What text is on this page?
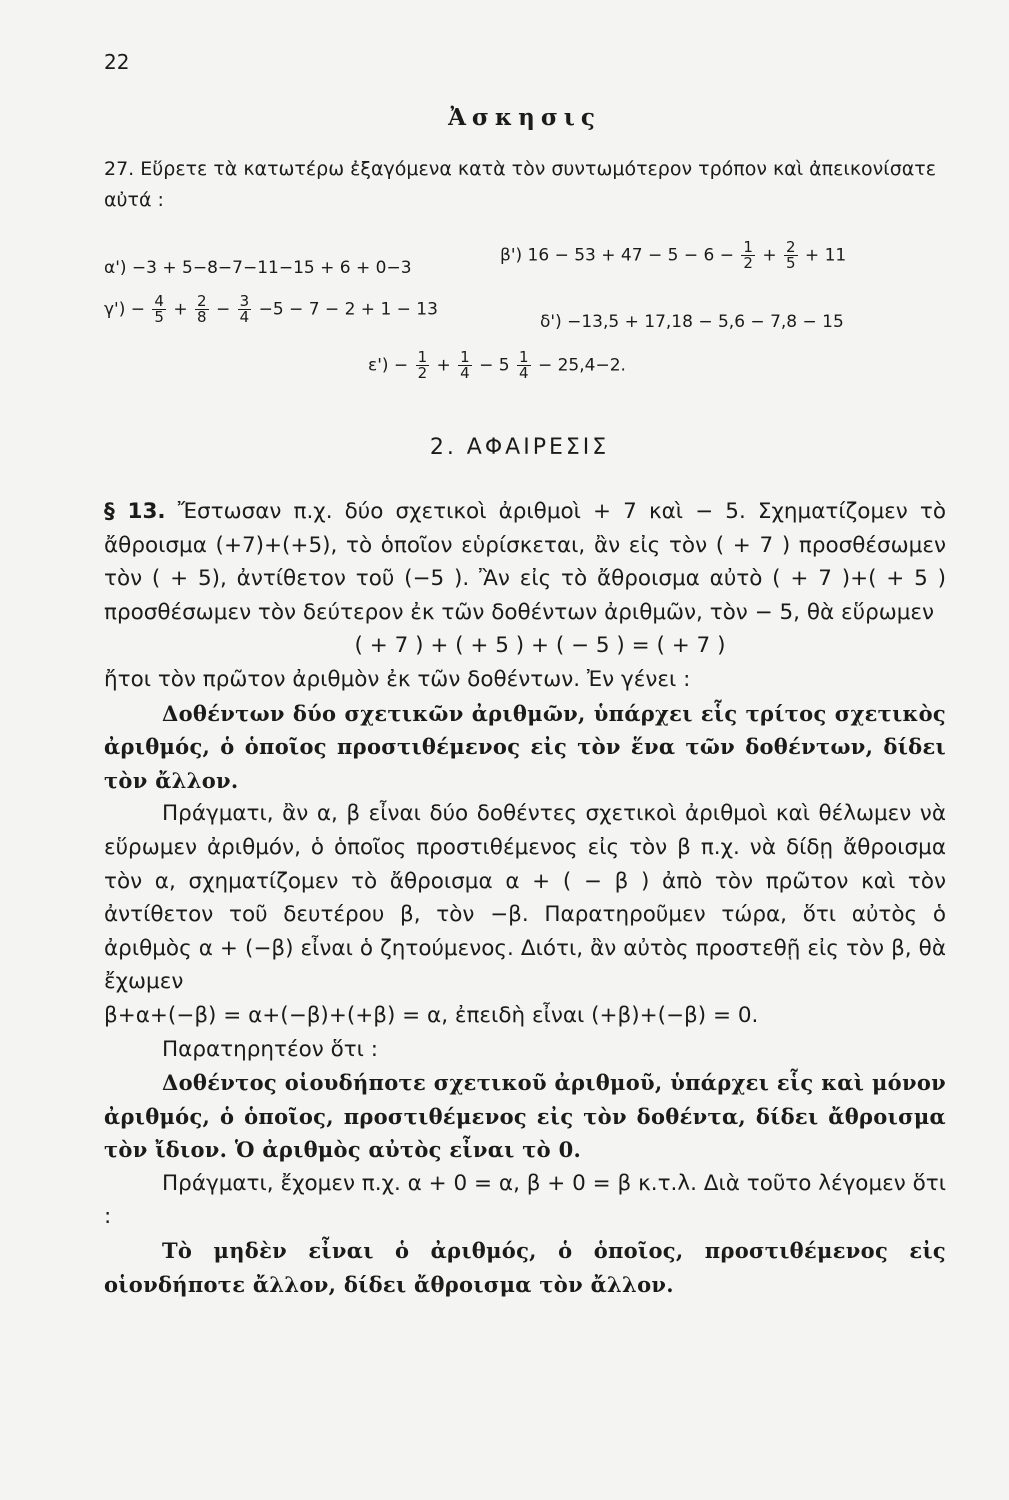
22
Ἀσκησις
27. Εὕρετε τὰ κατωτέρω ἐξαγόμενα κατὰ τὸν συντωμότερον τρόπον καὶ ἀπεικονίσατε αὐτά :
α') −3 + 5−8−7−11−15 + 6 + 0−3
β') $16 - 53 + 47 - 5 - 6 - \frac{1}{2} + \frac{2}{5} + 11$
$\gamma') - \frac{4}{5} + \frac{2}{8} - \frac{3}{4} -5 - 7 - 2 + 1 - 13$
δ') −13,5 + 17,18 − 5,6 − 7,8 − 15
$\varepsilon') - \frac{1}{2} + \frac{1}{4} - 5 \frac{1}{4} - 25,4-2$.
2. ΑΦΑΙΡΕΣΙΣ

§ 13. Ἔστωσαν π.χ. δύο σχετικοὶ ἀριθμοὶ + 7 καὶ − 5. Σχηματίζομεν τὸ ἄθροισμα (+7)+(+5), τὸ ὁποῖον εὑρίσκεται, ἂν εἰς τὸν ( + 7 ) προσθέσωμεν τὸν ( + 5), ἀντίθετον τοῦ (−5 ). Ἂν εἰς τὸ ἄθροισμα αὐτὸ ( + 7 )+( + 5 ) προσθέσωμεν τὸν δεύτερον ἐκ τῶν δοθέντων ἀριθμῶν, τὸν − 5, θὰ εὕρωμεν

( + 7 ) + ( + 5 ) + ( − 5 ) = ( + 7 )

ἤτοι τὸν πρῶτον ἀριθμὸν ἐκ τῶν δοθέντων. Ἐν γένει :

Δοθέντων δύο σχετικῶν ἀριθμῶν, ὑπάρχει εἷς τρίτος σχετικὸς ἀριθμός, ὁ ὁποῖος προστιθέμενος εἰς τὸν ἕνα τῶν δοθέντων, δίδει τὸν ἄλλον.

Πράγματι, ἂν α, β εἶναι δύο δοθέντες σχετικοὶ ἀριθμοὶ καὶ θέλωμεν νὰ εὕρωμεν ἀριθμόν, ὁ ὁποῖος προστιθέμενος εἰς τὸν β π.χ. νὰ δίδῃ ἄθροισμα τὸν α, σχηματίζομεν τὸ ἄθροισμα α + ( − β ) ἀπὸ τὸν πρῶτον καὶ τὸν ἀντίθετον τοῦ δευτέρου β, τὸν −β. Παρατηροῦμεν τώρα, ὅτι αὐτὸς ὁ ἀριθμὸς α + (−β) εἶναι ὁ ζητούμενος. Διότι, ἂν αὐτὸς προστεθῇ εἰς τὸν β, θὰ ἔχωμεν

β+α+(−β) = α+(−β)+(+β) = α, ἐπειδὴ εἶναι (+β)+(−β) = 0.

Παρατηρητέον ὅτι :

Δοθέντος οἱουδήποτε σχετικοῦ ἀριθμοῦ, ὑπάρχει εἷς καὶ μόνον ἀριθμός, ὁ ὁποῖος, προστιθέμενος εἰς τὸν δοθέντα, δίδει ἄθροισμα τὸν ἴδιον. Ὁ ἀριθμὸς αὐτὸς εἶναι τὸ 0.

Πράγματι, ἔχομεν π.χ. α + 0 = α, β + 0 = β κ.τ.λ. Διὰ τοῦτο λέγομεν ὅτι :

Τὸ μηδὲν εἶναι ὁ ἀριθμός, ὁ ὁποῖος, προστιθέμενος εἰς οἱονδήποτε ἄλλον, δίδει ἄθροισμα τὸν ἄλλον.
